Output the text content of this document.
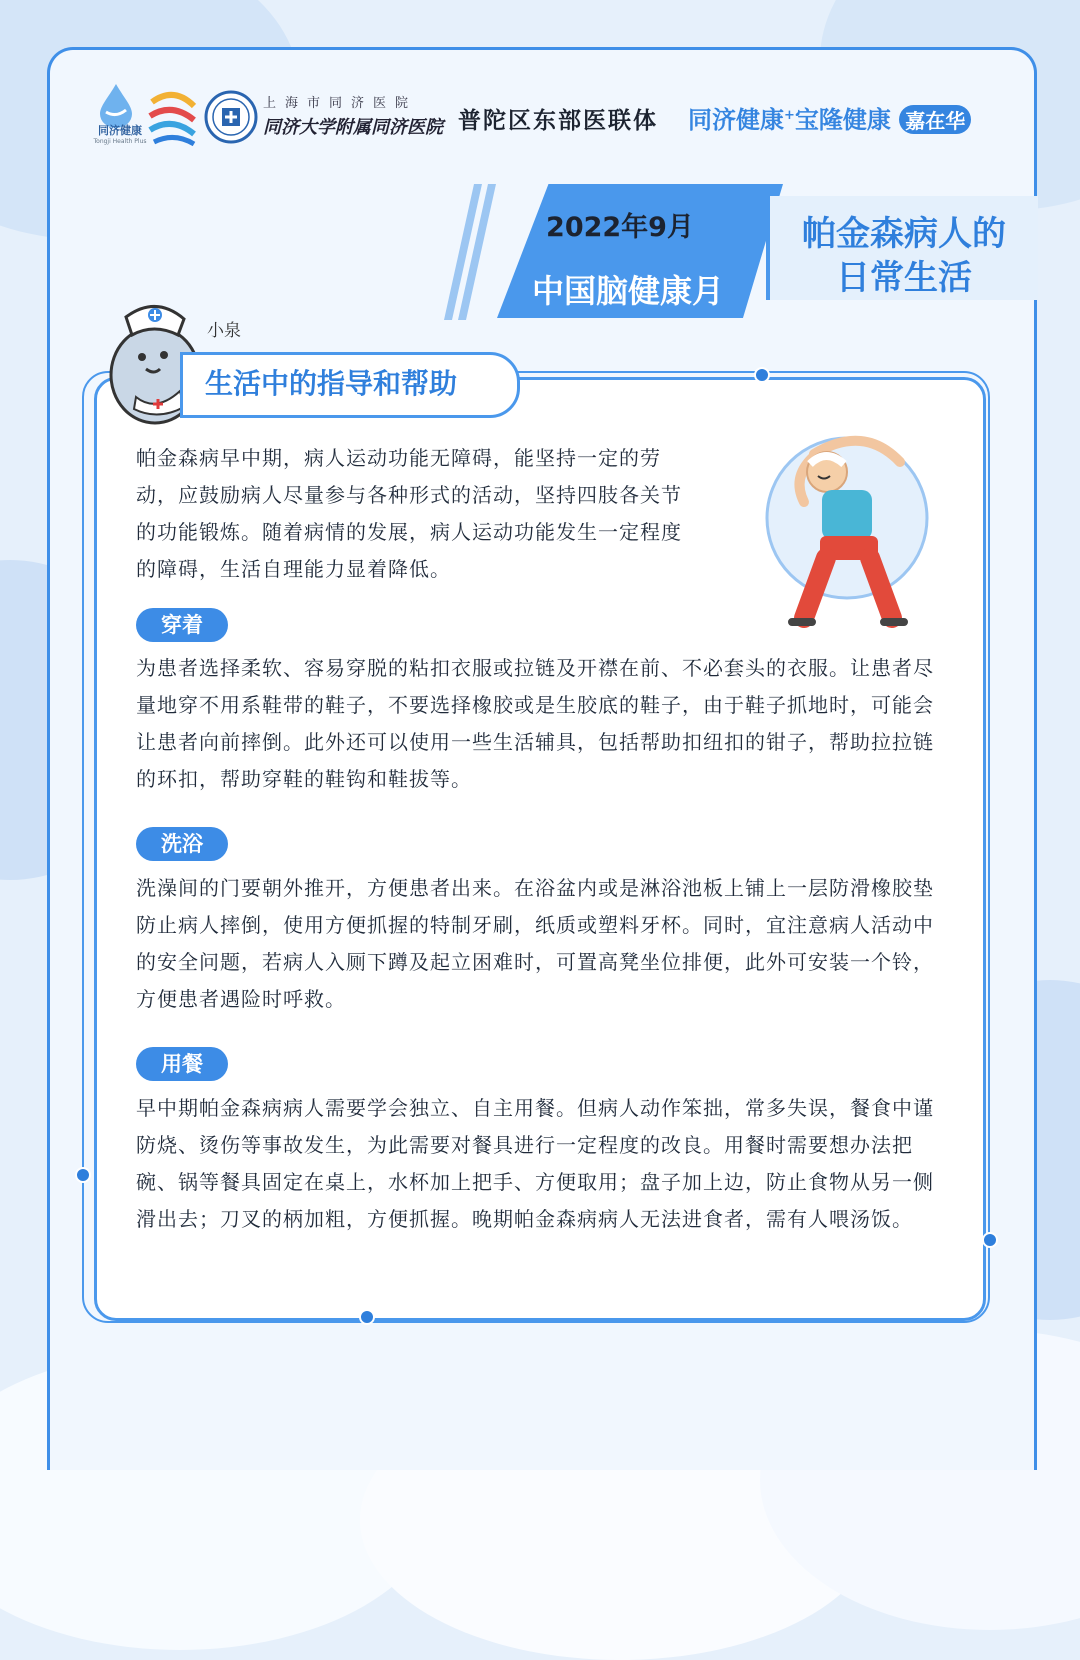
同济健康
Tongji Health Plus
上海市同济医院
同济大学附属同济医院 普陀区东部医联体 同济健康+宝隆健康 嘉在华
2022年9月
中国脑健康月
帕金森病人的
日常生活
小泉
生活中的指导和帮助
帕金森病早中期，病人运动功能无障碍，能坚持一定的劳动，应鼓励病人尽量参与各种形式的活动，坚持四肢各关节的功能锻炼。随着病情的发展，病人运动功能发生一定程度的障碍，生活自理能力显着降低。
穿着
为患者选择柔软、容易穿脱的粘扣衣服或拉链及开襟在前、不必套头的衣服。让患者尽量地穿不用系鞋带的鞋子，不要选择橡胶或是生胶底的鞋子，由于鞋子抓地时，可能会让患者向前摔倒。此外还可以使用一些生活辅具，包括帮助扣纽扣的钳子，帮助拉拉链的环扣，帮助穿鞋的鞋钩和鞋拔等。
洗浴
洗澡间的门要朝外推开，方便患者出来。在浴盆内或是淋浴池板上铺上一层防滑橡胶垫防止病人摔倒，使用方便抓握的特制牙刷，纸质或塑料牙杯。同时，宜注意病人活动中的安全问题，若病人入厕下蹲及起立困难时，可置高凳坐位排便，此外可安装一个铃，方便患者遇险时呼救。
用餐
早中期帕金森病病人需要学会独立、自主用餐。但病人动作笨拙，常多失误，餐食中谨防烧、烫伤等事故发生，为此需要对餐具进行一定程度的改良。用餐时需要想办法把碗、锅等餐具固定在桌上，水杯加上把手、方便取用；盘子加上边，防止食物从另一侧滑出去；刀叉的柄加粗，方便抓握。晚期帕金森病病人无法进食者，需有人喂汤饭。
